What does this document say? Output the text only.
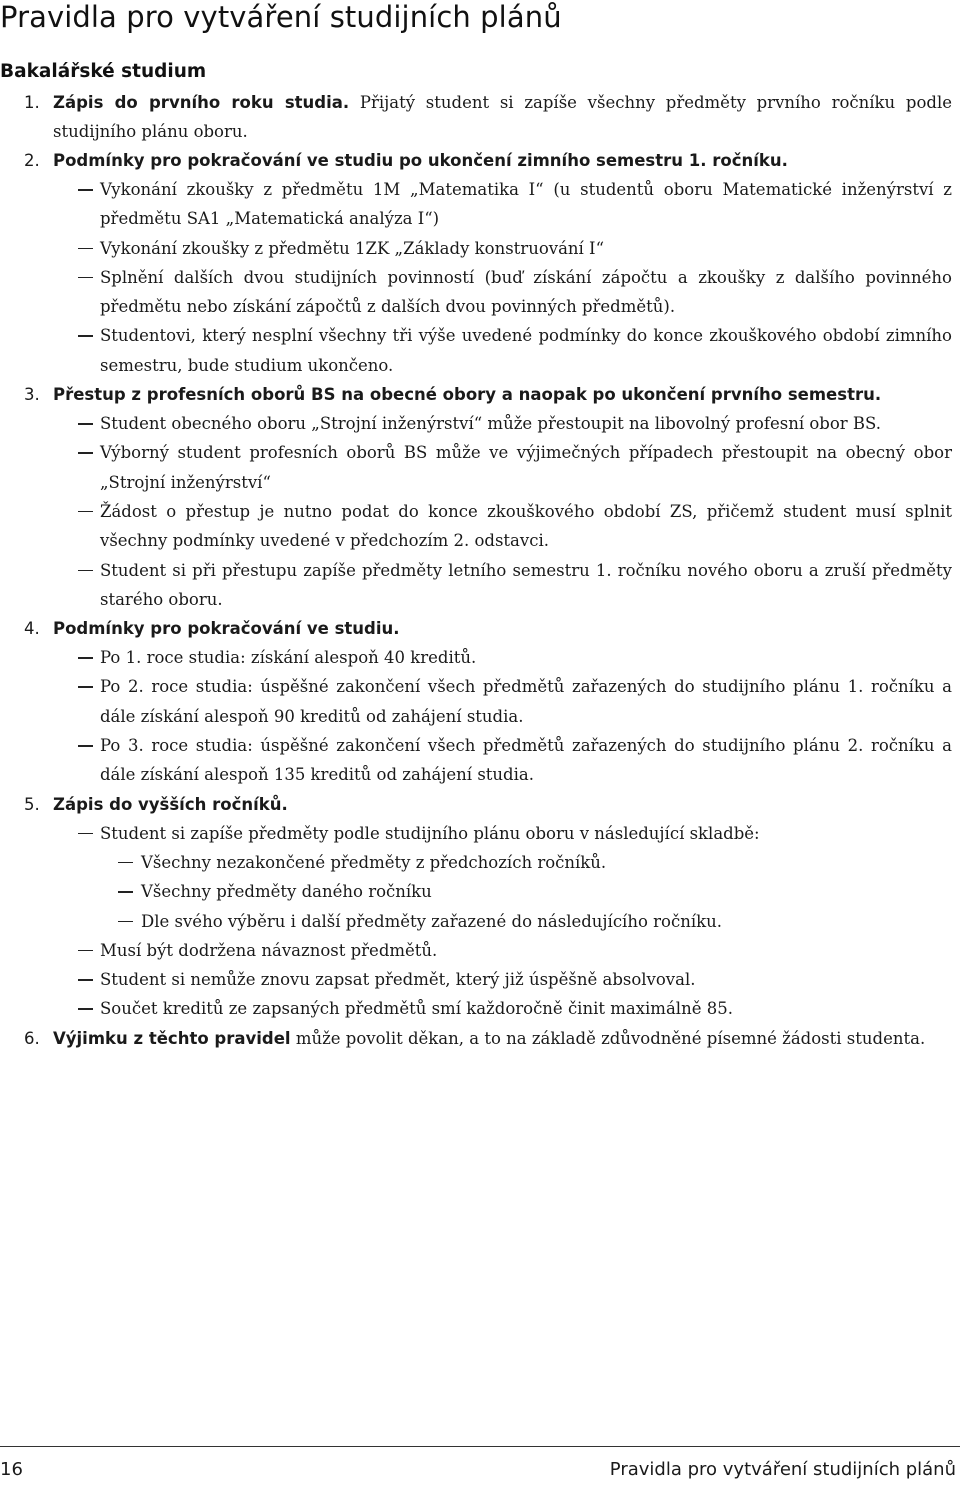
Pravidla pro vytváření studijních plánů
Bakalářské studium
1. Zápis do prvního roku studia. Přijatý student si zapíše všechny předměty prvního ročníku podle studijního plánu oboru.
2. Podmínky pro pokračování ve studiu po ukončení zimního semestru 1. ročníku.
Vykonání zkoušky z předmětu 1M „Matematika I“ (u studentů oboru Matematické inženýrství z předmětu SA1 „Matematická analýza I“)
Vykonání zkoušky z předmětu 1ZK „Základy konstruování I“
Splnění dalších dvou studijních povinností (buď získání zápočtu a zkoušky z dalšího povinného předmětu nebo získání zápočtů z dalších dvou povinných předmětů).
Studentovi, který nesplní všechny tři výše uvedené podmínky do konce zkouškového období zimního semestru, bude studium ukončeno.
3. Přestup z profesních oborů BS na obecné obory a naopak po ukončení prvního semestru.
Student obecného oboru „Strojní inženýrství“ může přestoupit na libovolný profesní obor BS.
Výborný student profesních oborů BS může ve výjimečných případech přestoupit na obecný obor „Strojní inženýrství“
Žádost o přestup je nutno podat do konce zkouškového období ZS, přičemž student musí splnit všechny podmínky uvedené v předchozím 2. odstavci.
Student si při přestupu zapíše předměty letního semestru 1. ročníku nového oboru a zruší předměty starého oboru.
4. Podmínky pro pokračování ve studiu.
Po 1. roce studia: získání alespoň 40 kreditů.
Po 2. roce studia: úspěšné zakončení všech předmětů zařazených do studijního plánu 1. ročníku a dále získání alespoň 90 kreditů od zahájení studia.
Po 3. roce studia: úspěšné zakončení všech předmětů zařazených do studijního plánu 2. ročníku a dále získání alespoň 135 kreditů od zahájení studia.
5. Zápis do vyšších ročníků.
Student si zapíše předměty podle studijního plánu oboru v následující skladbě:
Všechny nezakončené předměty z předchozích ročníků.
Všechny předměty daného ročníku
Dle svého výběru i další předměty zařazené do následujícího ročníku.
Musí být dodržena návaznost předmětů.
Student si nemůže znovu zapsat předmět, který již úspěšně absolvoval.
Součet kreditů ze zapsaných předmětů smí každoročně činit maximálně 85.
6. Výjimku z těchto pravidel může povolit děkan, a to na základě zdůvodněné písemné žádosti studenta.
16	Pravidla pro vytváření studijních plánů
